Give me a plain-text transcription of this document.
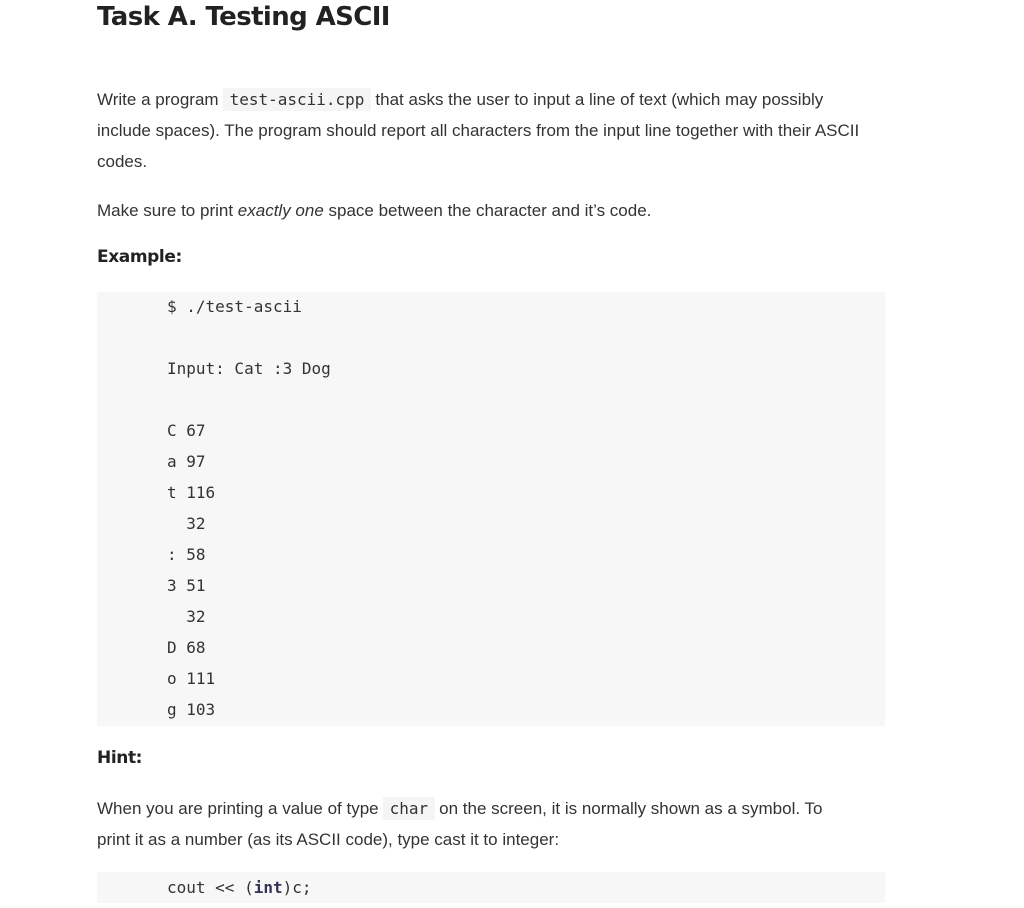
Task A. Testing ASCII

Write a program test-ascii.cpp that asks the user to input a line of text (which may possibly
include spaces). The program should report all characters from the input line together with their ASCII
codes.

Make sure to print exactly one space between the character and it’s code.

Example:
$ ./test-ascii
Input: Cat :3 Dog
C 67
a 97
t 116
32
: 58
3 51
32
D 68
o 111
g 103
Hint:

When you are printing a value of type char on the screen, it is normally shown as a symbol. To
print it as a number (as its ASCII code), type cast it to integer:

cout << (int)c;
